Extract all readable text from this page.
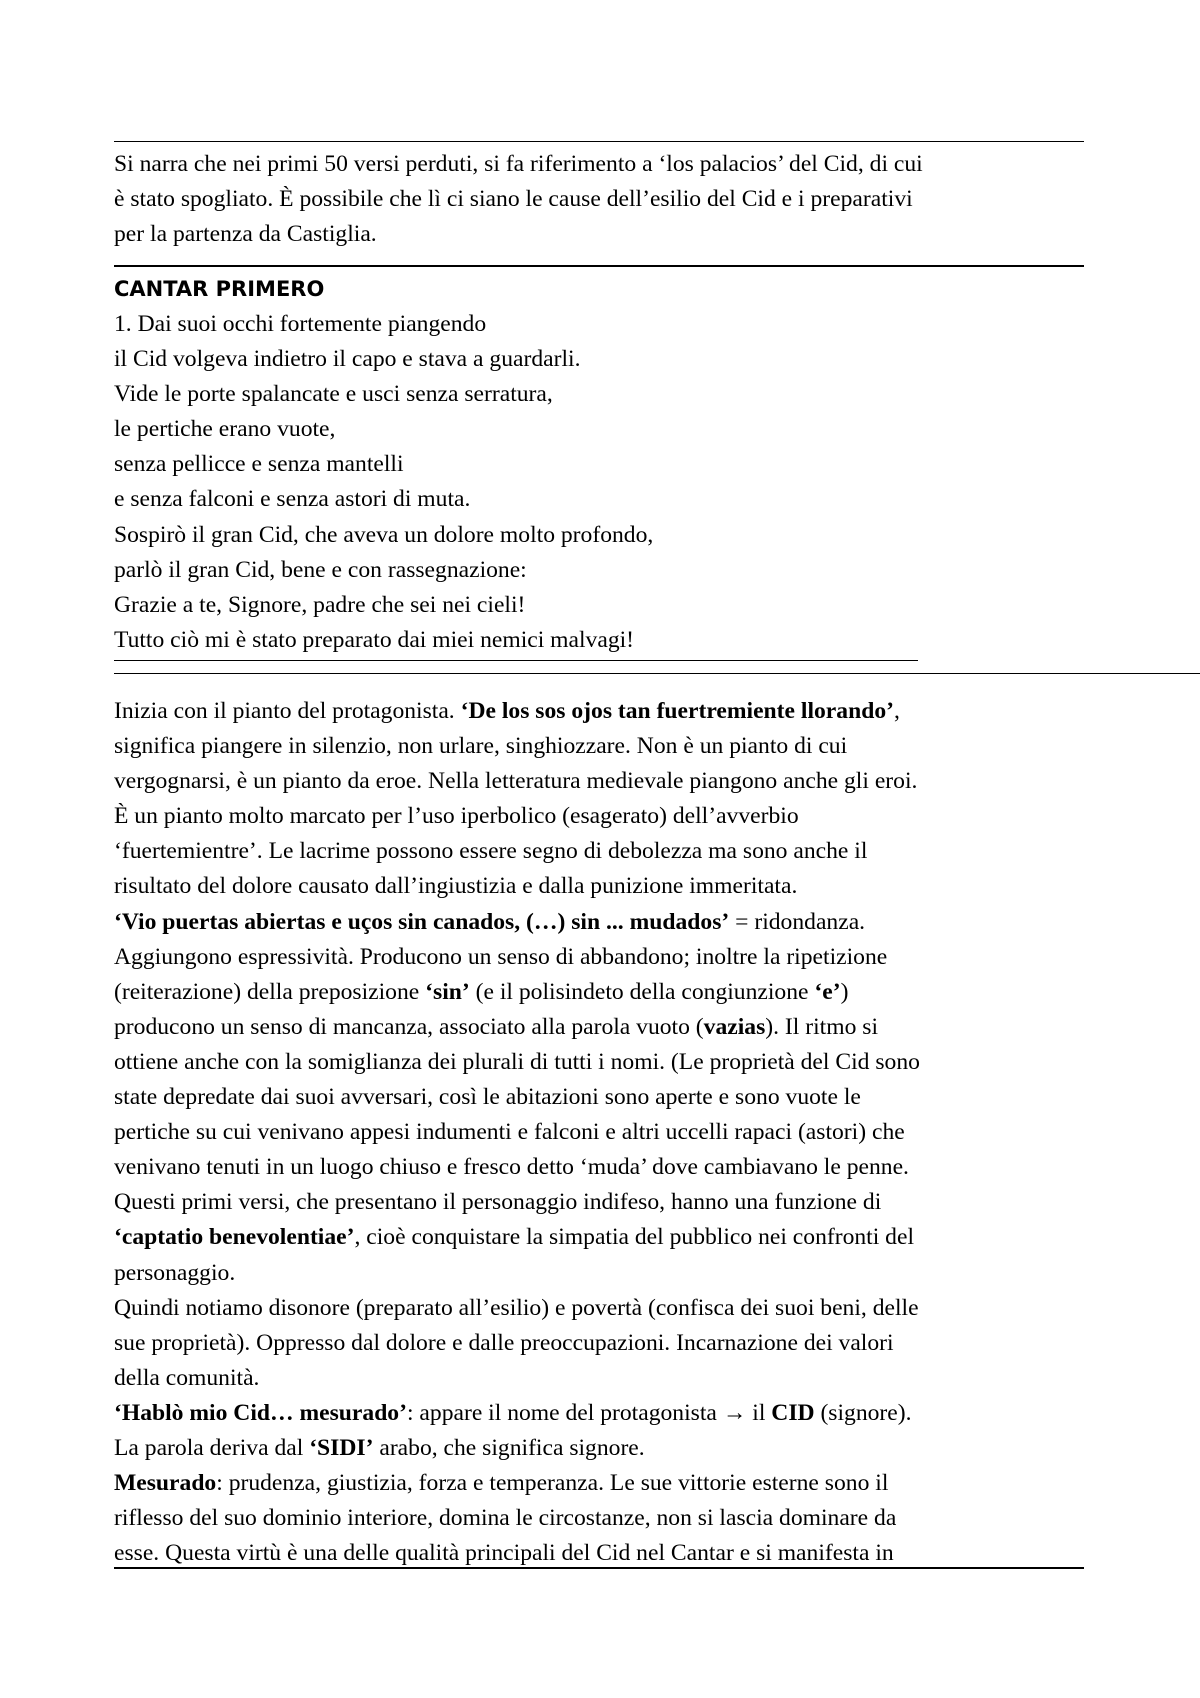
Si narra che nei primi 50 versi perduti, si fa riferimento a ‘los palacios’ del Cid, di cui
è stato spogliato. È possibile che lì ci siano le cause dell’esilio del Cid e i preparativi
per la partenza da Castiglia.
CANTAR PRIMERO
1. Dai suoi occhi fortemente piangendo
il Cid volgeva indietro il capo e stava a guardarli.
Vide le porte spalancate e usci senza serratura,
le pertiche erano vuote,
senza pellicce e senza mantelli
e senza falconi e senza astori di muta.
Sospirò il gran Cid, che aveva un dolore molto profondo,
parlò il gran Cid, bene e con rassegnazione:
Grazie a te, Signore, padre che sei nei cieli!
Tutto ciò mi è stato preparato dai miei nemici malvagi!
Inizia con il pianto del protagonista. ‘De los sos ojos tan fuertremiente llorando’,
significa piangere in silenzio, non urlare, singhiozzare. Non è un pianto di cui
vergognarsi, è un pianto da eroe. Nella letteratura medievale piangono anche gli eroi.
È un pianto molto marcato per l’uso iperbolico (esagerato) dell’avverbio
‘fuertemientre’. Le lacrime possono essere segno di debolezza ma sono anche il
risultato del dolore causato dall’ingiustizia e dalla punizione immeritata.
‘Vio puertas abiertas e uços sin canados, (…) sin ... mudados’ = ridondanza.
Aggiungono espressività. Producono un senso di abbandono; inoltre la ripetizione
(reiterazione) della preposizione ‘sin’ (e il polisindeto della congiunzione ‘e’)
producono un senso di mancanza, associato alla parola vuoto (vazias). Il ritmo si
ottiene anche con la somiglianza dei plurali di tutti i nomi. (Le proprietà del Cid sono
state depredate dai suoi avversari, così le abitazioni sono aperte e sono vuote le
pertiche su cui venivano appesi indumenti e falconi e altri uccelli rapaci (astori) che
venivano tenuti in un luogo chiuso e fresco detto ‘muda’ dove cambiavano le penne.
Questi primi versi, che presentano il personaggio indifeso, hanno una funzione di
‘captatio benevolentiae’, cioè conquistare la simpatia del pubblico nei confronti del
personaggio.
Quindi notiamo disonore (preparato all’esilio) e povertà (confisca dei suoi beni, delle
sue proprietà). Oppresso dal dolore e dalle preoccupazioni. Incarnazione dei valori
della comunità.
‘Hablò mio Cid… mesurado’: appare il nome del protagonista → il CID (signore).
La parola deriva dal ‘SIDI’ arabo, che significa signore.
Mesurado: prudenza, giustizia, forza e temperanza. Le sue vittorie esterne sono il
riflesso del suo dominio interiore, domina le circostanze, non si lascia dominare da
esse. Questa virtù è una delle qualità principali del Cid nel Cantar e si manifesta in
